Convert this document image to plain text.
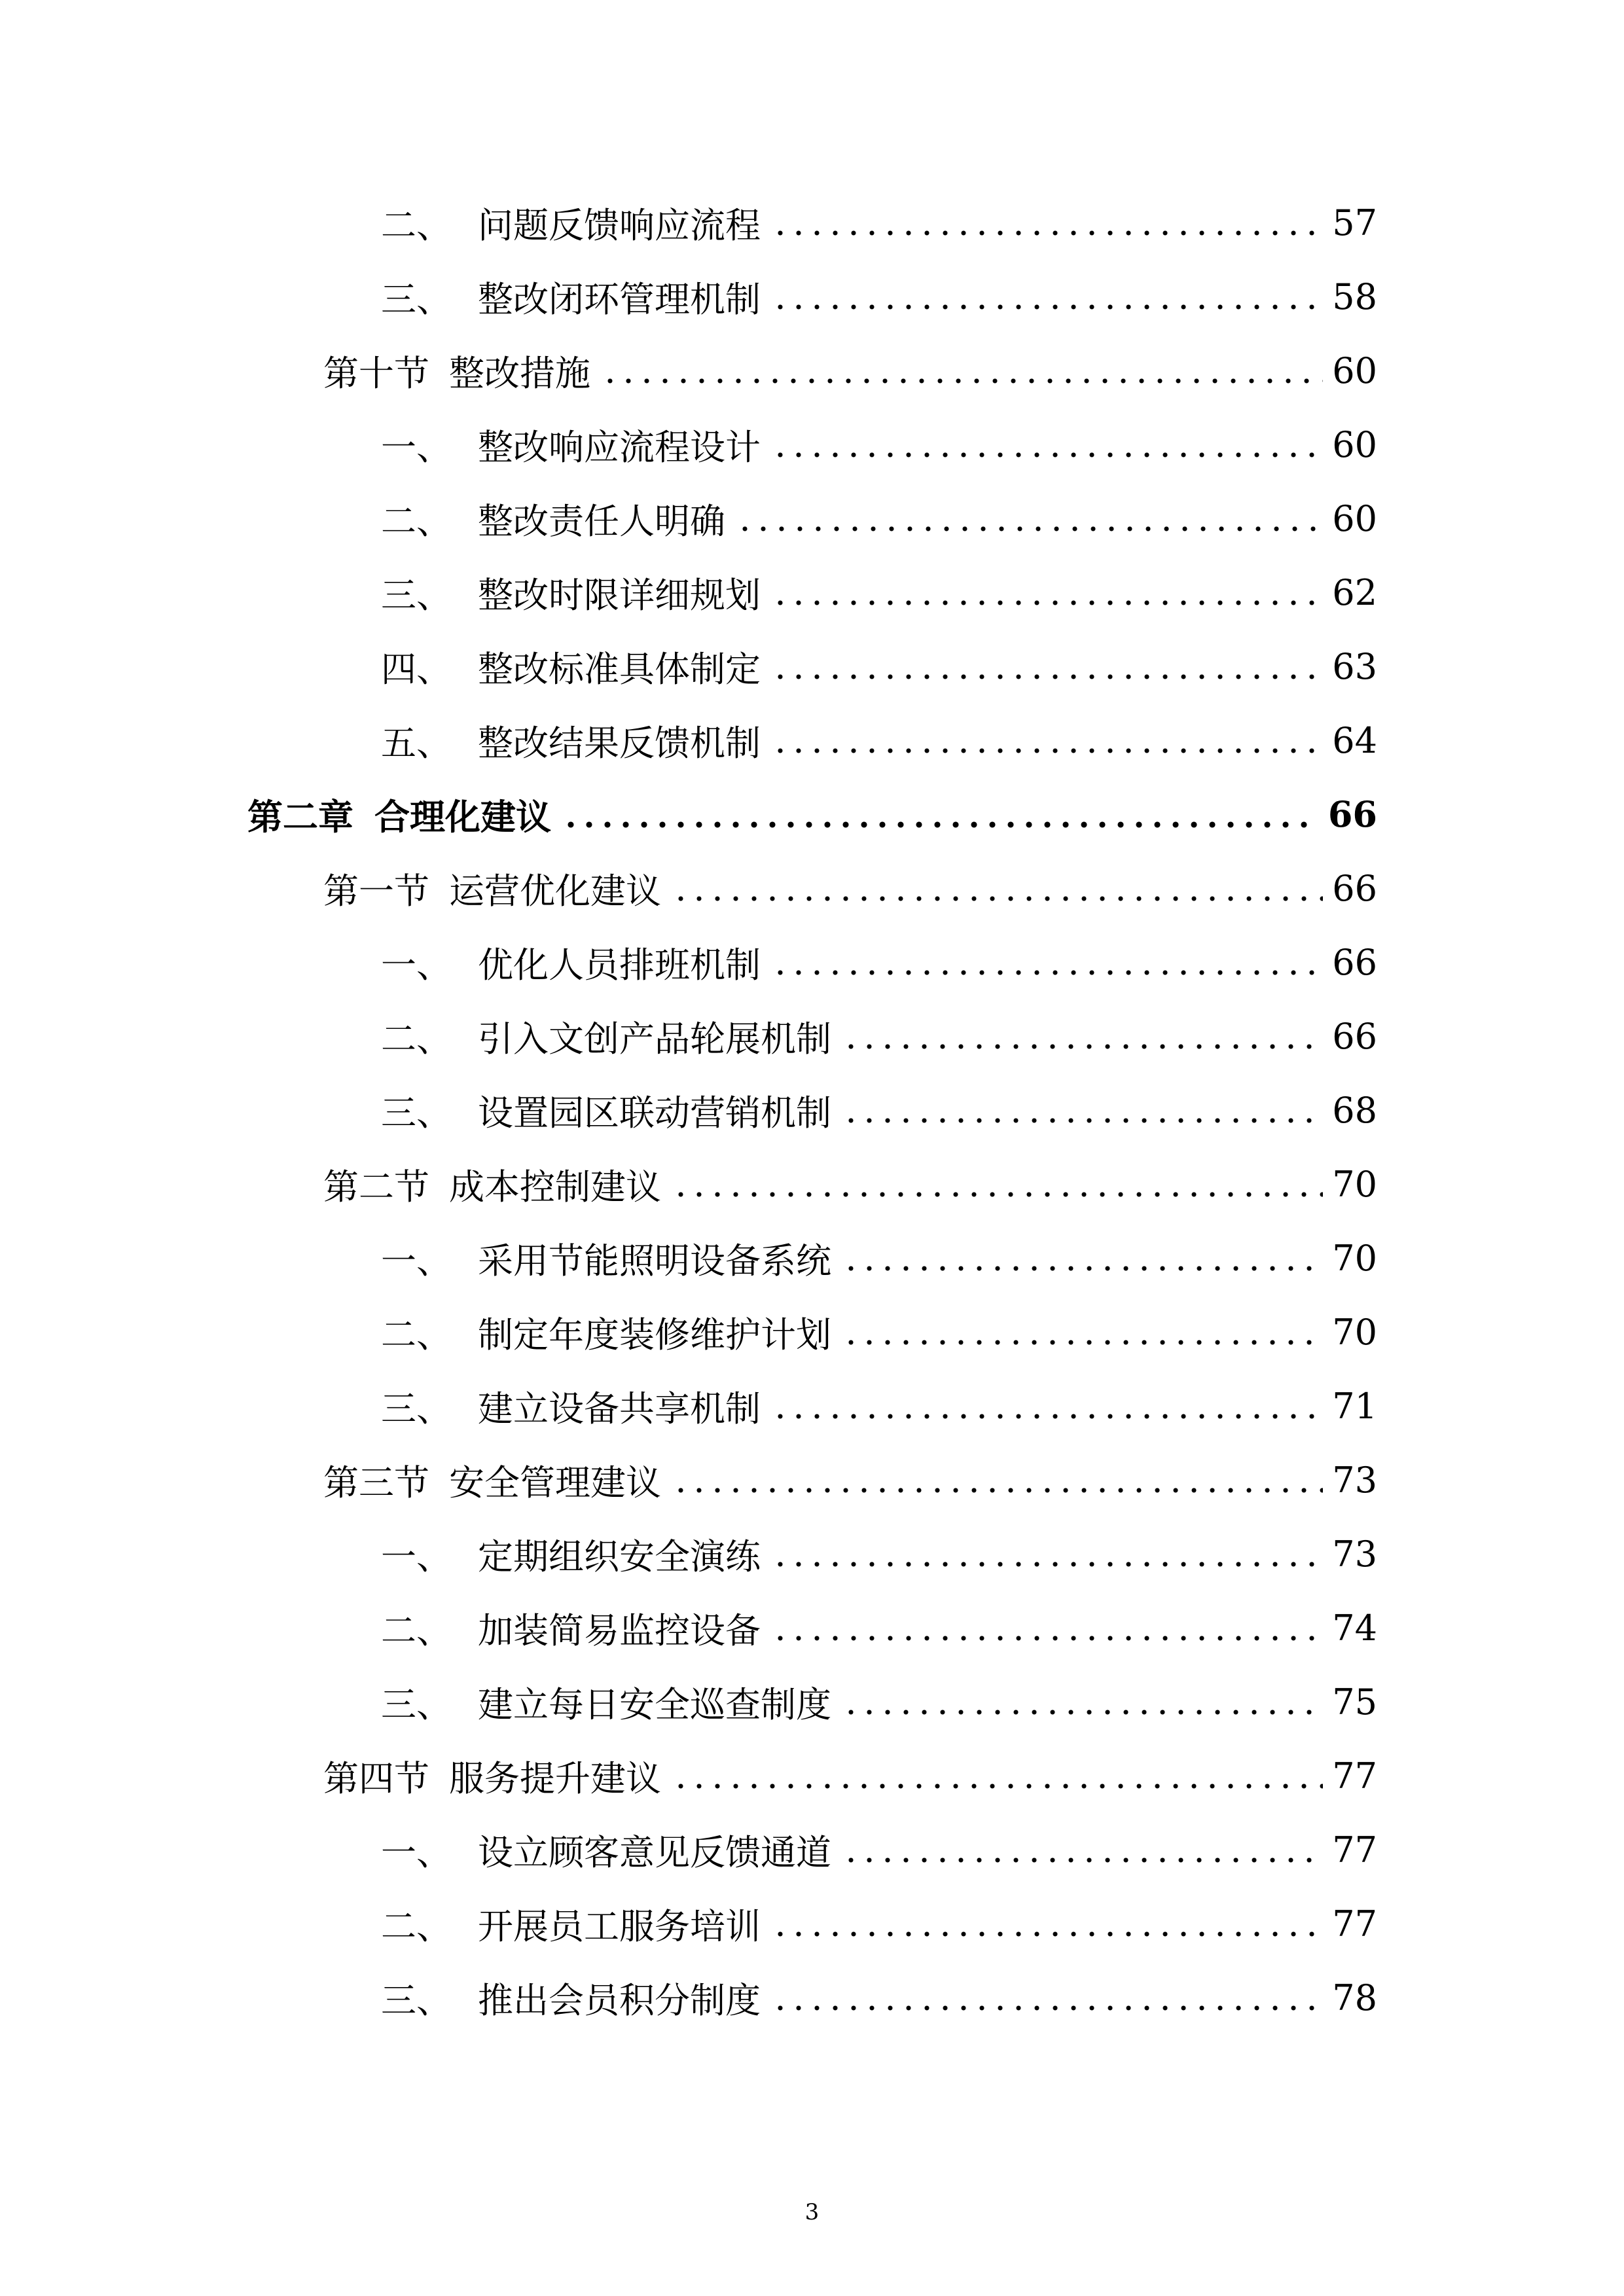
二、 问题反馈响应流程	57
三、 整改闭环管理机制	58
第十节 整改措施	60
一、 整改响应流程设计	60
二、 整改责任人明确	60
三、 整改时限详细规划	62
四、 整改标准具体制定	63
五、 整改结果反馈机制	64
第二章 合理化建议	66
第一节 运营优化建议	66
一、 优化人员排班机制	66
二、 引入文创产品轮展机制	66
三、 设置园区联动营销机制	68
第二节 成本控制建议	70
一、 采用节能照明设备系统	70
二、 制定年度装修维护计划	70
三、 建立设备共享机制	71
第三节 安全管理建议	73
一、 定期组织安全演练	73
二、 加装简易监控设备	74
三、 建立每日安全巡查制度	75
第四节 服务提升建议	77
一、 设立顾客意见反馈通道	77
二、 开展员工服务培训	77
三、 推出会员积分制度	78
3
